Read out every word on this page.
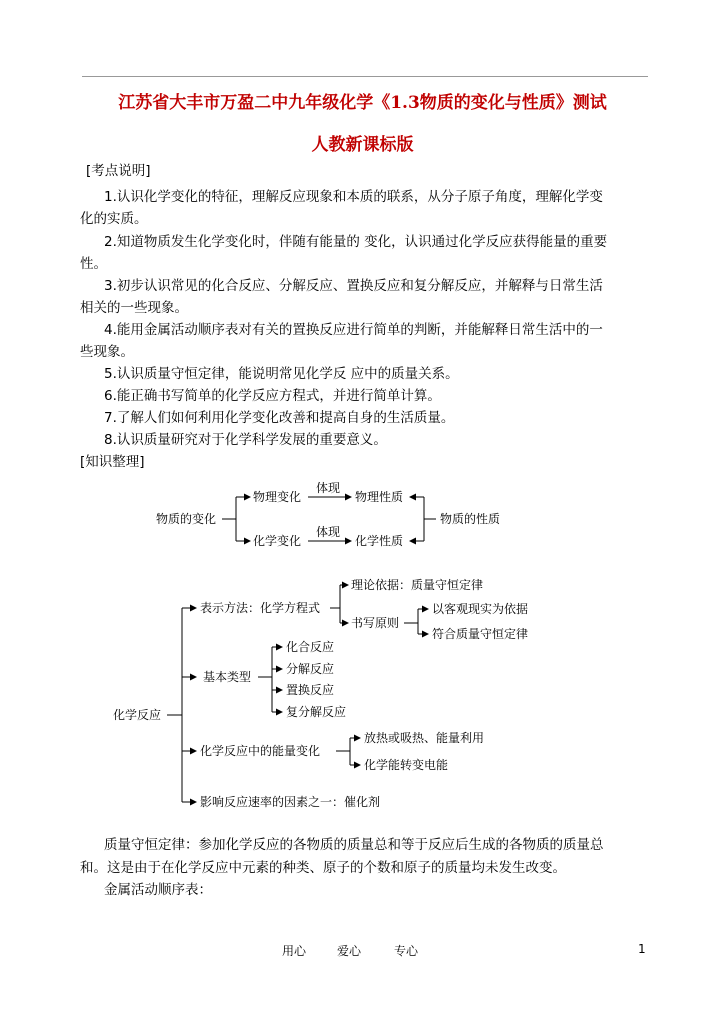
江苏省大丰市万盈二中九年级化学《1.3物质的变化与性质》测试
人教新课标版
[考点说明]
1.认识化学变化的特征，理解反应现象和本质的联系，从分子原子角度，理解化学变
化的实质。
2.知道物质发生化学变化时，伴随有能量的 变化，认识通过化学反应获得能量的重要
性。
3.初步认识常见的化合反应、分解反应、置换反应和复分解反应，并解释与日常生活
相关的一些现象。
4.能用金属活动顺序表对有关的置换反应进行简单的判断，并能解释日常生活中的一
些现象。
5.认识质量守恒定律，能说明常见化学反 应中的质量关系。
6.能正确书写简单的化学反应方程式，并进行简单计算。
7.了解人们如何利用化学变化改善和提高自身的生活质量。
8.认识质量研究对于化学科学发展的重要意义。
[知识整理]
物质的变化
物理变化
化学变化
体现
体现
物理性质
化学性质
物质的性质
化学反应
表示方法：化学方程式
理论依据：质量守恒定律
书写原则
以客观现实为依据
符合质量守恒定律
基本类型
化合反应
分解反应
置换反应
复分解反应
化学反应中的能量变化
放热或吸热、能量利用
化学能转变电能
影响反应速率的因素之一：催化剂
质量守恒定律：参加化学反应的各物质的质量总和等于反应后生成的各物质的质量总
和。这是由于在化学反应中元素的种类、原子的个数和原子的质量均未发生改变。
金属活动顺序表：
用心	爱心	专心	1
